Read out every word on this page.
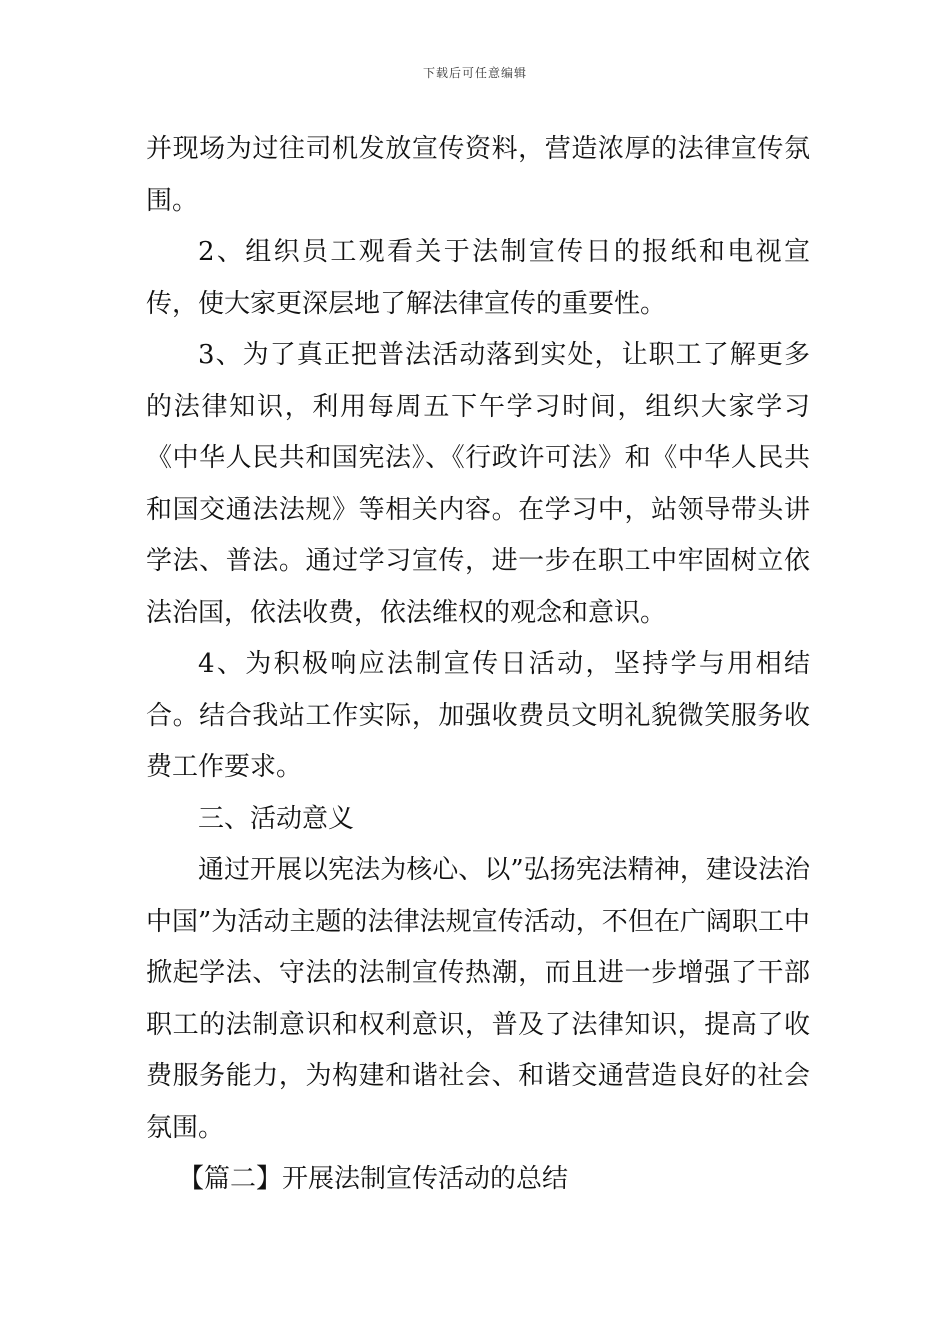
下载后可任意编辑

并现场为过往司机发放宣传资料，营造浓厚的法律宣传氛围。

2、组织员工观看关于法制宣传日的报纸和电视宣传，使大家更深层地了解法律宣传的重要性。

3、为了真正把普法活动落到实处，让职工了解更多的法律知识，利用每周五下午学习时间，组织大家学习《中华人民共和国宪法》、《行政许可法》和《中华人民共和国交通法法规》等相关内容。在学习中，站领导带头讲学法、普法。通过学习宣传，进一步在职工中牢固树立依法治国，依法收费，依法维权的观念和意识。

4、为积极响应法制宣传日活动，坚持学与用相结合。结合我站工作实际，加强收费员文明礼貌微笑服务收费工作要求。

三、活动意义

通过开展以宪法为核心、以”弘扬宪法精神，建设法治中国”为活动主题的法律法规宣传活动，不但在广阔职工中掀起学法、守法的法制宣传热潮，而且进一步增强了干部职工的法制意识和权利意识，普及了法律知识，提高了收费服务能力，为构建和谐社会、和谐交通营造良好的社会氛围。

【篇二】开展法制宣传活动的总结
